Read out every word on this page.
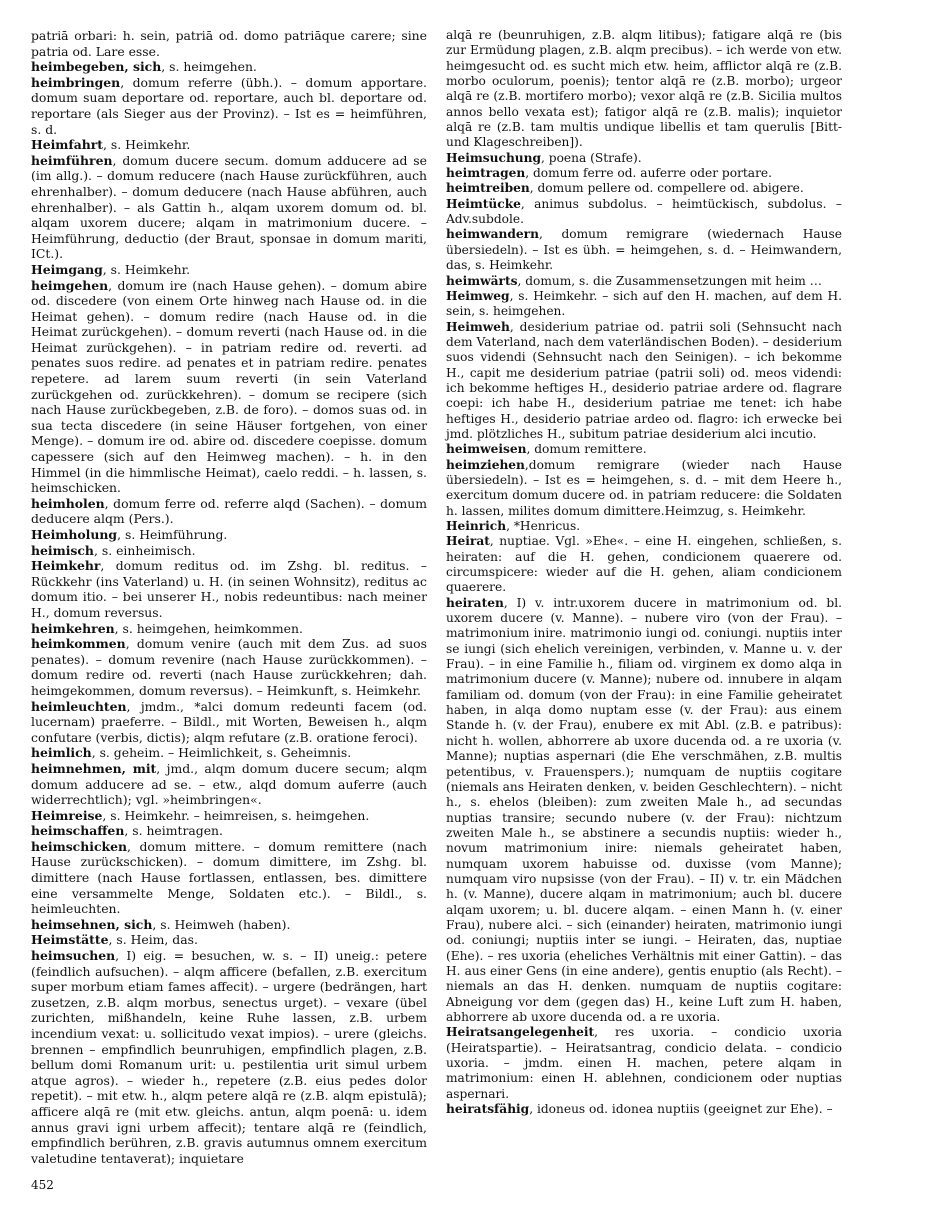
patriā orbari: h. sein, patriā od. domo patriāque carere; sine patria od. Lare esse.

heimbegeben, sich, s. heimgehen.

heimbringen, domum referre (übh.). – domum apportare. domum suam deportare od. reportare, auch bl. deportare od. reportare (als Sieger aus der Provinz). – Ist es = heimführen, s. d.

Heimfahrt, s. Heimkehr.

heimführen, domum ducere secum. domum adducere ad se (im allg.). – domum reducere (nach Hause zurückführen, auch ehrenhalber). – domum deducere (nach Hause abführen, auch ehrenhalber). – als Gattin h., alqam uxorem domum od. bl. alqam uxorem ducere; alqam in matrimonium ducere. – Heimführung, deductio (der Braut, sponsae in domum mariti, ICt.).

Heimgang, s. Heimkehr.

heimgehen, domum ire (nach Hause gehen). – domum abire od. discedere (von einem Orte hinweg nach Hause od. in die Heimat gehen). – domum redire (nach Hause od. in die Heimat zurückgehen). – domum reverti (nach Hause od. in die Heimat zurückgehen). – in patriam redire od. reverti. ad penates suos redire. ad penates et in patriam redire. penates repetere. ad larem suum reverti (in sein Vaterland zurückgehen od. zurückkehren). – domum se recipere (sich nach Hause zurückbegeben, z.B. de foro). – domos suas od. in sua tecta discedere (in seine Häuser fortgehen, von einer Menge). – domum ire od. abire od. discedere coepisse. domum capessere (sich auf den Heimweg machen). – h. in den Himmel (in die himmlische Heimat), caelo reddi. – h. lassen, s. heimschicken.

heimholen, domum ferre od. referre alqd (Sachen). – domum deducere alqm (Pers.).

Heimholung, s. Heimführung.

heimisch, s. einheimisch.

Heimkehr, domum reditus od. im Zshg. bl. reditus. – Rückkehr (ins Vaterland) u. H. (in seinen Wohnsitz), reditus ac domum itio. – bei unserer H., nobis redeuntibus: nach meiner H., domum reversus.

heimkehren, s. heimgehen, heimkommen.

heimkommen, domum venire (auch mit dem Zus. ad suos penates). – domum revenire (nach Hause zurückkommen). – domum redire od. reverti (nach Hause zurückkehren; dah. heimgekommen, domum reversus). – Heimkunft, s. Heimkehr.

heimleuchten, jmdm., *alci domum redeunti facem (od. lucernam) praeferre. – Bildl., mit Worten, Beweisen h., alqm confutare (verbis, dictis); alqm refutare (z.B. oratione feroci).

heimlich, s. geheim. – Heimlichkeit, s. Geheimnis.

heimnehmen, mit, jmd., alqm domum ducere secum; alqm domum adducere ad se. – etw., alqd domum auferre (auch widerrechtlich); vgl. »heimbringen«.

Heimreise, s. Heimkehr. – heimreisen, s. heimgehen.

heimschaffen, s. heimtragen.

heimschicken, domum mittere. – domum remittere (nach Hause zurückschicken). – domum dimittere, im Zshg. bl. dimittere (nach Hause fortlassen, entlassen, bes. dimittere eine versammelte Menge, Soldaten etc.). – Bildl., s. heimleuchten.

heimsehnen, sich, s. Heimweh (haben).

Heimstätte, s. Heim, das.

heimsuchen, I) eig. = besuchen, w. s. – II) uneig.: petere (feindlich aufsuchen). – alqm afficere (befallen, z.B. exercitum super morbum etiam fames affecit). – urgere (bedrängen, hart zusetzen, z.B. alqm morbus, senectus urget). – vexare (übel zurichten, mißhandeln, keine Ruhe lassen, z.B. urbem incendium vexat: u. sollicitudo vexat impios). – urere (gleichs. brennen – empfindlich beunruhigen, empfindlich plagen, z.B. bellum domi Romanum urit: u. pestilentia urit simul urbem atque agros). – wieder h., repetere (z.B. eius pedes dolor repetit). – mit etw. h., alqm petere alqā re (z.B. alqm epistulā); afficere alqā re (mit etw. gleichs. antun, alqm poenā: u. idem annus gravi igni urbem affecit); tentare alqā re (feindlich, empfindlich berühren, z.B. gravis autumnus omnem exercitum valetudine tentaverat); inquietare

alqā re (beunruhigen, z.B. alqm litibus); fatigare alqā re (bis zur Ermüdung plagen, z.B. alqm precibus). – ich werde von etw. heimgesucht od. es sucht mich etw. heim, afflictor alqā re (z.B. morbo oculorum, poenis); tentor alqā re (z.B. morbo); urgeor alqā re (z.B. mortifero morbo); vexor alqā re (z.B. Sicilia multos annos bello vexata est); fatigor alqā re (z.B. malis); inquietor alqā re (z.B. tam multis undique libellis et tam querulis [Bitt- und Klageschreiben]).

Heimsuchung, poena (Strafe).

heimtragen, domum ferre od. auferre oder portare.

heimtreiben, domum pellere od. compellere od. abigere.

Heimtücke, animus subdolus. – heimtückisch, subdolus. – Adv.subdole.

heimwandern, domum remigrare (wiedernach Hause übersiedeln). – Ist es übh. = heimgehen, s. d. – Heimwandern, das, s. Heimkehr.

heimwärts, domum, s. die Zusammensetzungen mit heim …

Heimweg, s. Heimkehr. – sich auf den H. machen, auf dem H. sein, s. heimgehen.

Heimweh, desiderium patriae od. patrii soli (Sehnsucht nach dem Vaterland, nach dem vaterländischen Boden). – desiderium suos videndi (Sehnsucht nach den Seinigen). – ich bekomme H., capit me desiderium patriae (patrii soli) od. meos videndi: ich bekomme heftiges H., desiderio patriae ardere od. flagrare coepi: ich habe H., desiderium patriae me tenet: ich habe heftiges H., desiderio patriae ardeo od. flagro: ich erwecke bei jmd. plötzliches H., subitum patriae desiderium alci incutio.

heimweisen, domum remittere.

heimziehen,domum remigrare (wieder nach Hause übersiedeln). – Ist es = heimgehen, s. d. – mit dem Heere h., exercitum domum ducere od. in patriam reducere: die Soldaten h. lassen, milites domum dimittere.Heimzug, s. Heimkehr.

Heinrich, *Henricus.

Heirat, nuptiae. Vgl. »Ehe«. – eine H. eingehen, schließen, s. heiraten: auf die H. gehen, condicionem quaerere od. circumspicere: wieder auf die H. gehen, aliam condicionem quaerere.

heiraten, I) v. intr.uxorem ducere in matrimonium od. bl. uxorem ducere (v. Manne). – nubere viro (von der Frau). – matrimonium inire. matrimonio iungi od. coniungi. nuptiis inter se iungi (sich ehelich vereinigen, verbinden, v. Manne u. v. der Frau). – in eine Familie h., filiam od. virginem ex domo alqa in matrimonium ducere (v. Manne); nubere od. innubere in alqam familiam od. domum (von der Frau): in eine Familie geheiratet haben, in alqa domo nuptam esse (v. der Frau): aus einem Stande h. (v. der Frau), enubere ex mit Abl. (z.B. e patribus): nicht h. wollen, abhorrere ab uxore ducenda od. a re uxoria (v. Manne); nuptias aspernari (die Ehe verschmähen, z.B. multis petentibus, v. Frauenspers.); numquam de nuptiis cogitare (niemals ans Heiraten denken, v. beiden Geschlechtern). – nicht h., s. ehelos (bleiben): zum zweiten Male h., ad secundas nuptias transire; secundo nubere (v. der Frau): nichtzum zweiten Male h., se abstinere a secundis nuptiis: wieder h., novum matrimonium inire: niemals geheiratet haben, numquam uxorem habuisse od. duxisse (vom Manne); numquam viro nupsisse (von der Frau). – II) v. tr. ein Mädchen h. (v. Manne), ducere alqam in matrimonium; auch bl. ducere alqam uxorem; u. bl. ducere alqam. – einen Mann h. (v. einer Frau), nubere alci. – sich (einander) heiraten, matrimonio iungi od. coniungi; nuptiis inter se iungi. – Heiraten, das, nuptiae (Ehe). – res uxoria (eheliches Verhältnis mit einer Gattin). – das H. aus einer Gens (in eine andere), gentis enuptio (als Recht). – niemals an das H. denken. numquam de nuptiis cogitare: Abneigung vor dem (gegen das) H., keine Luft zum H. haben, abhorrere ab uxore ducenda od. a re uxoria.

Heiratsangelegenheit, res uxoria. – condicio uxoria (Heiratspartie). – Heiratsantrag, condicio delata. – condicio uxoria. – jmdm. einen H. machen, petere alqam in matrimonium: einen H. ablehnen, condicionem oder nuptias aspernari.

heiratsfähig, idoneus od. idonea nuptiis (geeignet zur Ehe). –

452
